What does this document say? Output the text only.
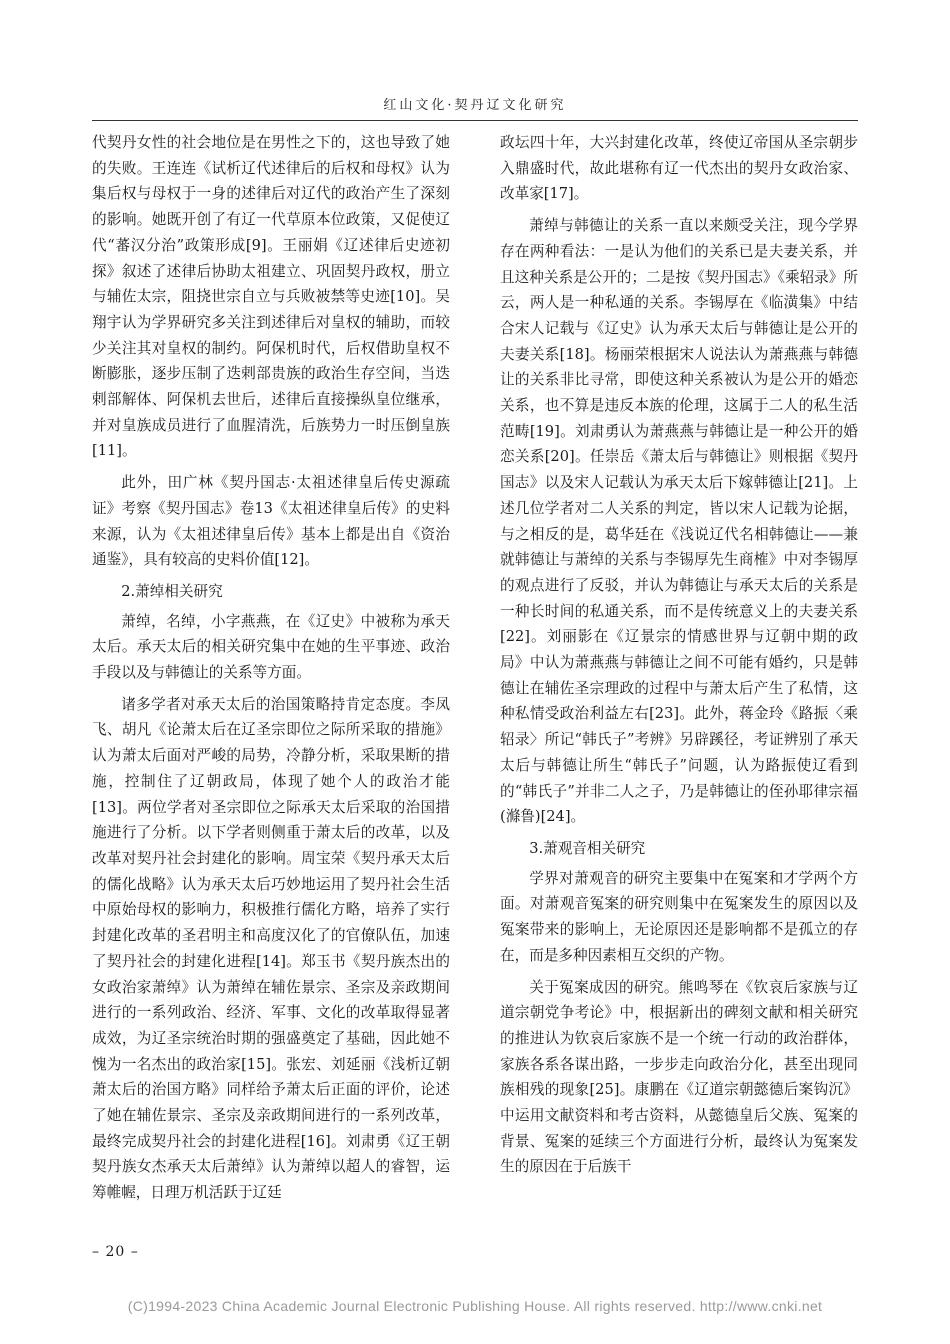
红山文化·契丹辽文化研究

代契丹女性的社会地位是在男性之下的，这也导致了她的失败。王连连《试析辽代述律后的后权和母权》认为集后权与母权于一身的述律后对辽代的政治产生了深刻的影响。她既开创了有辽一代草原本位政策，又促使辽代“蕃汉分治”政策形成[9]。王丽娟《辽述律后史迹初探》叙述了述律后协助太祖建立、巩固契丹政权，册立与辅佐太宗，阻挠世宗自立与兵败被禁等史迹[10]。吴翔宇认为学界研究多关注到述律后对皇权的辅助，而较少关注其对皇权的制约。阿保机时代，后权借助皇权不断膨胀，逐步压制了迭剌部贵族的政治生存空间，当迭剌部解体、阿保机去世后，述律后直接操纵皇位继承，并对皇族成员进行了血腥清洗，后族势力一时压倒皇族[11]。

此外，田广林《契丹国志·太祖述律皇后传史源疏证》考察《契丹国志》卷13《太祖述律皇后传》的史料来源，认为《太祖述律皇后传》基本上都是出自《资治通鉴》，具有较高的史料价值[12]。

2.萧绰相关研究

萧绰，名绰，小字燕燕，在《辽史》中被称为承天太后。承天太后的相关研究集中在她的生平事迹、政治手段以及与韩德让的关系等方面。

诸多学者对承天太后的治国策略持肯定态度。李凤飞、胡凡《论萧太后在辽圣宗即位之际所采取的措施》认为萧太后面对严峻的局势，冷静分析，采取果断的措施，控制住了辽朝政局，体现了她个人的政治才能[13]。两位学者对圣宗即位之际承天太后采取的治国措施进行了分析。以下学者则侧重于萧太后的改革，以及改革对契丹社会封建化的影响。周宝荣《契丹承天太后的儒化战略》认为承天太后巧妙地运用了契丹社会生活中原始母权的影响力，积极推行儒化方略，培养了实行封建化改革的圣君明主和高度汉化了的官僚队伍，加速了契丹社会的封建化进程[14]。郑玉书《契丹族杰出的女政治家萧绰》认为萧绰在辅佐景宗、圣宗及亲政期间进行的一系列政治、经济、军事、文化的改革取得显著成效，为辽圣宗统治时期的强盛奠定了基础，因此她不愧为一名杰出的政治家[15]。张宏、刘延丽《浅析辽朝萧太后的治国方略》同样给予萧太后正面的评价，论述了她在辅佐景宗、圣宗及亲政期间进行的一系列改革，最终完成契丹社会的封建化进程[16]。刘肃勇《辽王朝契丹族女杰承天太后萧绰》认为萧绰以超人的睿智，运筹帷幄，日理万机活跃于辽廷

政坛四十年，大兴封建化改革，终使辽帝国从圣宗朝步入鼎盛时代，故此堪称有辽一代杰出的契丹女政治家、改革家[17]。

萧绰与韩德让的关系一直以来颇受关注，现今学界存在两种看法：一是认为他们的关系已是夫妻关系，并且这种关系是公开的；二是按《契丹国志》《乘轺录》所云，两人是一种私通的关系。李锡厚在《临潢集》中结合宋人记载与《辽史》认为承天太后与韩德让是公开的夫妻关系[18]。杨丽荣根据宋人说法认为萧燕燕与韩德让的关系非比寻常，即使这种关系被认为是公开的婚恋关系，也不算是违反本族的伦理，这属于二人的私生活范畴[19]。刘肃勇认为萧燕燕与韩德让是一种公开的婚恋关系[20]。任崇岳《萧太后与韩德让》则根据《契丹国志》以及宋人记载认为承天太后下嫁韩德让[21]。上述几位学者对二人关系的判定，皆以宋人记载为论据，与之相反的是，葛华廷在《浅说辽代名相韩德让——兼就韩德让与萧绰的关系与李锡厚先生商榷》中对李锡厚的观点进行了反驳，并认为韩德让与承天太后的关系是一种长时间的私通关系，而不是传统意义上的夫妻关系[22]。刘丽影在《辽景宗的情感世界与辽朝中期的政局》中认为萧燕燕与韩德让之间不可能有婚约，只是韩德让在辅佐圣宗理政的过程中与萧太后产生了私情，这种私情受政治利益左右[23]。此外，蒋金玲《路振〈乘轺录〉所记“韩氏子”考辨》另辟蹊径，考证辨别了承天太后与韩德让所生“韩氏子”问题，认为路振使辽看到的“韩氏子”并非二人之子，乃是韩德让的侄孙耶律宗福(滌鲁)[24]。

3.萧观音相关研究

学界对萧观音的研究主要集中在冤案和才学两个方面。对萧观音冤案的研究则集中在冤案发生的原因以及冤案带来的影响上，无论原因还是影响都不是孤立的存在，而是多种因素相互交织的产物。

关于冤案成因的研究。熊鸣琴在《钦哀后家族与辽道宗朝党争考论》中，根据新出的碑刻文献和相关研究的推进认为钦哀后家族不是一个统一行动的政治群体，家族各系各谋出路，一步步走向政治分化，甚至出现同族相残的现象[25]。康鹏在《辽道宗朝懿德后案钩沉》中运用文献资料和考古资料，从懿德皇后父族、冤案的背景、冤案的延续三个方面进行分析，最终认为冤案发生的原因在于后族干

– 20 –
(C)1994-2023 China Academic Journal Electronic Publishing House. All rights reserved. http://www.cnki.net
